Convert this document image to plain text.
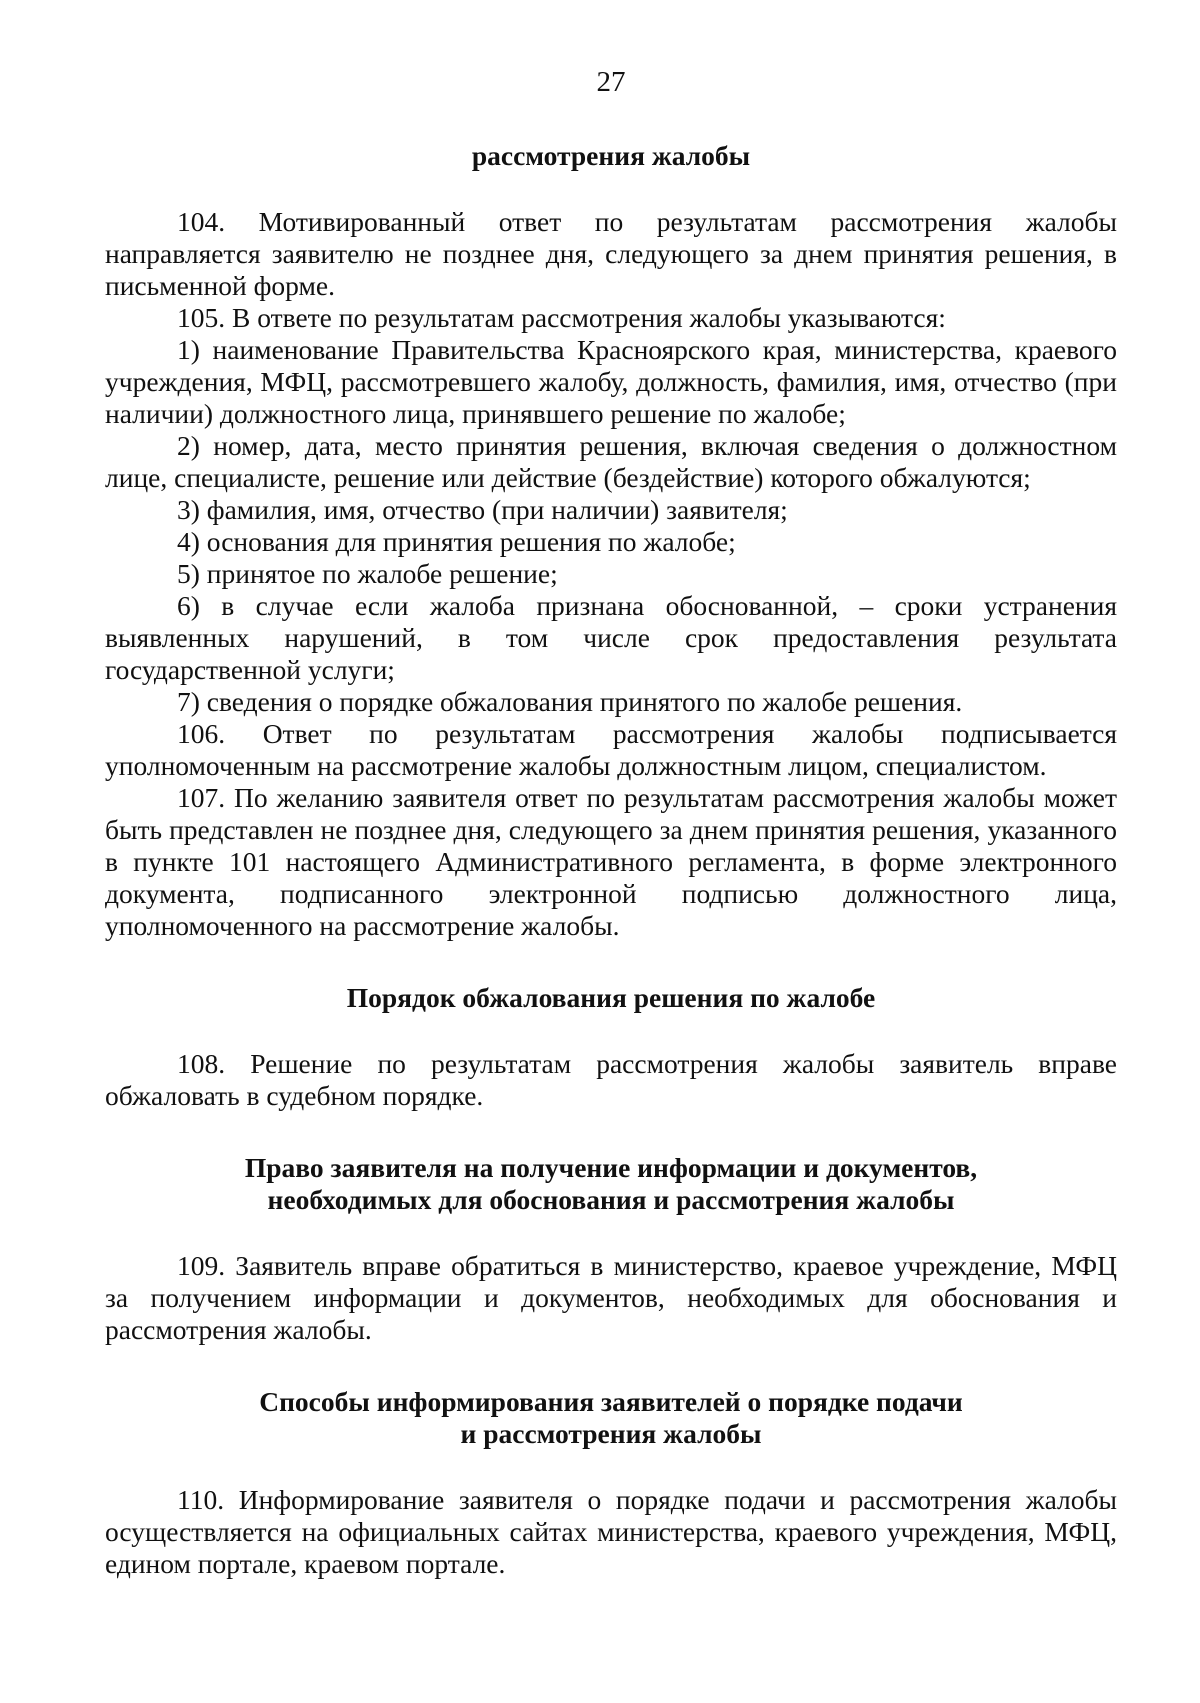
27
рассмотрения жалобы

104. Мотивированный ответ по результатам рассмотрения жалобы направляется заявителю не позднее дня, следующего за днем принятия решения, в письменной форме.

105. В ответе по результатам рассмотрения жалобы указываются:

1) наименование Правительства Красноярского края, министерства, краевого учреждения, МФЦ, рассмотревшего жалобу, должность, фамилия, имя, отчество (при наличии) должностного лица, принявшего решение по жалобе;

2) номер, дата, место принятия решения, включая сведения о должностном лице, специалисте, решение или действие (бездействие) которого обжалуются;

3) фамилия, имя, отчество (при наличии) заявителя;

4) основания для принятия решения по жалобе;

5) принятое по жалобе решение;

6) в случае если жалоба признана обоснованной, – сроки устранения выявленных нарушений, в том числе срок предоставления результата государственной услуги;

7) сведения о порядке обжалования принятого по жалобе решения.

106. Ответ по результатам рассмотрения жалобы подписывается уполномоченным на рассмотрение жалобы должностным лицом, специалистом.

107. По желанию заявителя ответ по результатам рассмотрения жалобы может быть представлен не позднее дня, следующего за днем принятия решения, указанного в пункте 101 настоящего Административного регламента, в форме электронного документа, подписанного электронной подписью должностного лица, уполномоченного на рассмотрение жалобы.

Порядок обжалования решения по жалобе

108. Решение по результатам рассмотрения жалобы заявитель вправе обжаловать в судебном порядке.

Право заявителя на получение информации и документов,
необходимых для обоснования и рассмотрения жалобы

109. Заявитель вправе обратиться в министерство, краевое учреждение, МФЦ за получением информации и документов, необходимых для обоснования и рассмотрения жалобы.

Способы информирования заявителей о порядке подачи
и рассмотрения жалобы

110. Информирование заявителя о порядке подачи и рассмотрения жалобы осуществляется на официальных сайтах министерства, краевого учреждения, МФЦ, едином портале, краевом портале.
